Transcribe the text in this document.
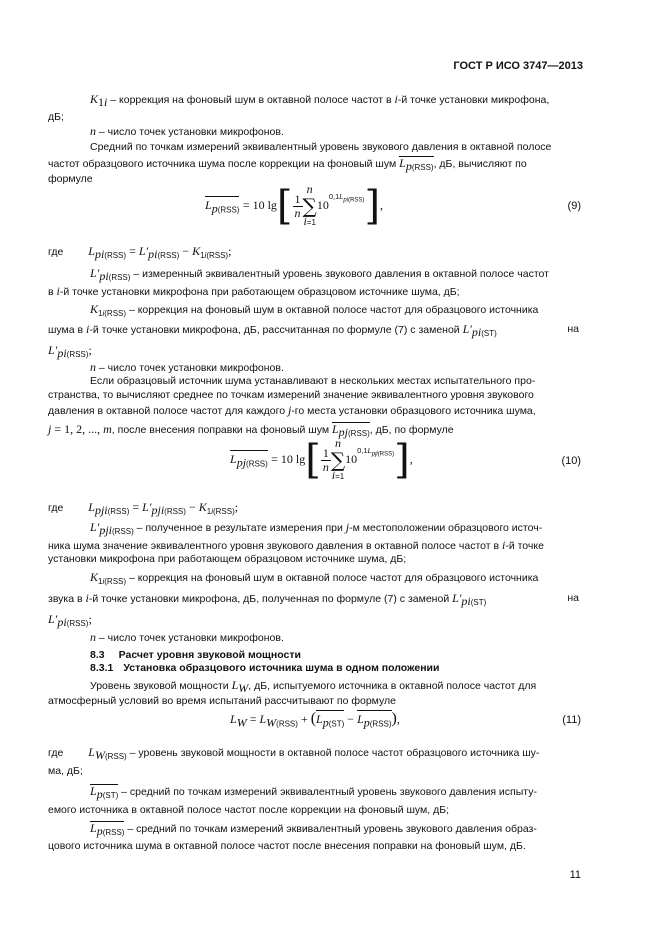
ГОСТ Р ИСО 3747—2013
$K_{1i}$ – коррекция на фоновый шум в октавной полосе частот в i-й точке установки микрофона,
дБ;
n – число точек установки микрофонов.
Средний по точкам измерений эквивалентный уровень звукового давления в октавной полосе
частот образцового источника шума после коррекции на фоновый шум $L_{p(RSS)}$, дБ, вычисляют по
формуле
$L_{p(RSS)} = 10$ $\lg[ \frac{1}{n}$
n
∑
$i=110^{0,1L_{pi(RSS)}}$],	(9)
где $L_{pi(RSS)} = L'_{pi(RSS)} - K_{1i(RSS)}$;
$L'_{pi(RSS)}$ – измеренный эквивалентный уровень звукового давления в октавной полосе частот
в i-й точке установки микрофона при работающем образцовом источнике шума, дБ;
$K_{1i(RSS)}$ – коррекция на фоновый шум в октавной полосе частот для образцового источника
шума в i-й точке установки микрофона, дБ, рассчитанная по формуле (7) с заменой $L'_{pi(ST)}$	на
$L'_{pi(RSS)}$;
n – число точек установки микрофонов.
Если образцовый источник шума устанавливают в нескольких местах испытательного про-
странства, то вычисляют среднее по точкам измерений значение эквивалентного уровня звукового
давления в октавной полосе частот для каждого j-го места установки образцового источника шума,
j = 1, 2, ..., m, после внесения поправки на фоновый шум $L_{pj(RSS)}$, дБ, по формуле
$L_{pj(RSS)} = 10$ $\lg[ \frac{1}{n}$
n
∑
$i=110^{0,1L_{pji(RSS)}}$],	(10)
где $L_{pji(RSS)} = L'_{pji(RSS)} - K_{1i(RSS)}$;
$L'_{pji(RSS)}$ – полученное в результате измерения при j-м местоположении образцового источ-
ника шума значение эквивалентного уровня звукового давления в октавной полосе частот в i-й точке
установки микрофона при работающем образцовом источнике шума, дБ;
$K_{1i(RSS)}$ – коррекция на фоновый шум в октавной полосе частот для образцового источника
звука в i-й точке установки микрофона, дБ, полученная по формуле (7) с заменой $L'_{pi(ST)}$	на
$L'_{pi(RSS)}$;
n – число точек установки микрофонов.
8.3 Расчет уровня звуковой мощности
8.3.1 Установка образцового источника шума в одном положении
Уровень звуковой мощности $L_W$, дБ, испытуемого источника в октавной полосе частот для
атмосферный условий во время испытаний рассчитывают по формуле
$L_W = L_{W(RSS)} + (L_{p(ST)} - L_{p(RSS)})$,	(11)
где $L_{W(RSS)}$ – уровень звуковой мощности в октавной полосе частот образцового источника шу-
ма, дБ;
$L_{p(ST)}$ – средний по точкам измерений эквивалентный уровень звукового давления испыту-
емого источника в октавной полосе частот после коррекции на фоновый шум, дБ;
$L_{p(RSS)}$ – средний по точкам измерений эквивалентный уровень звукового давления образ-
цового источника шума в октавной полосе частот после внесения поправки на фоновый шум, дБ.
11
